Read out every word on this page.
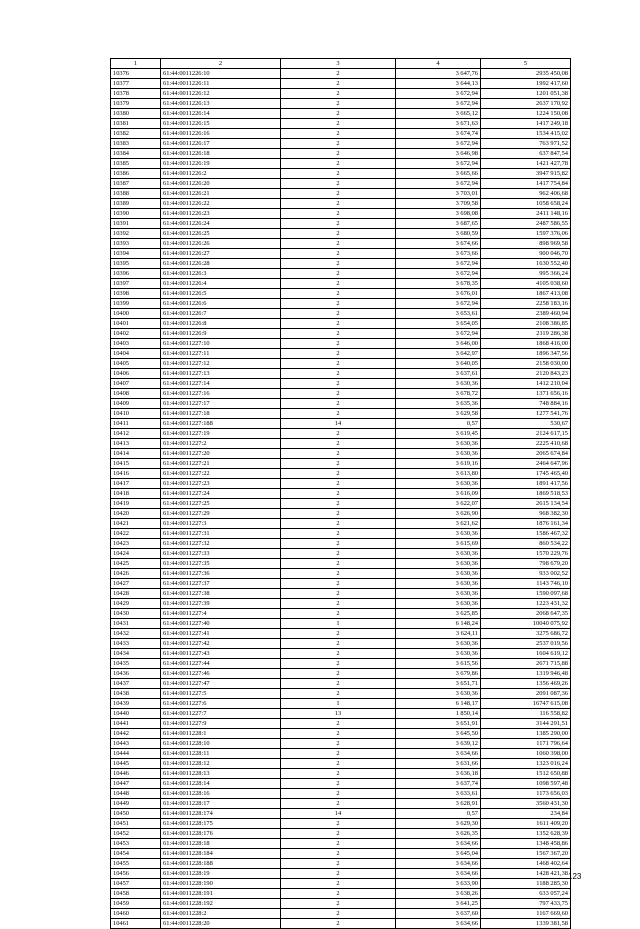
1	2	3	4	5
10376	61:44:0011226:10	2	3 647,76	2935 450,08
10377	61:44:0011226:11	2	3 644,13	1992 417,60
10378	61:44:0011226:12	2	3 672,94	1201 051,38
10379	61:44:0011226:13	2	3 672,94	2637 170,92
10380	61:44:0011226:14	2	3 665,12	1224 150,08
10381	61:44:0011226:15	2	3 671,63	1417 249,18
10382	61:44:0011226:16	2	3 674,74	1534 415,02
10383	61:44:0011226:17	2	3 672,94	763 971,52
10384	61:44:0011226:18	2	3 646,98	637 847,54
10385	61:44:0011226:19	2	3 672,94	1421 427,78
10386	61:44:0011226:2	2	3 665,66	3947 915,82
10387	61:44:0011226:20	2	3 672,94	1417 754,84
10388	61:44:0011226:21	2	3 703,01	962 406,68
10389	61:44:0011226:22	2	3 709,58	1058 658,24
10390	61:44:0011226:23	2	3 698,08	2411 148,16
10391	61:44:0011226:24	2	3 687,65	2487 586,55
10392	61:44:0011226:25	2	3 680,59	1597 376,06
10393	61:44:0011226:26	2	3 674,66	898 969,58
10394	61:44:0011226:27	2	3 673,66	900 046,70
10395	61:44:0011226:28	2	3 672,94	1630 552,40
10396	61:44:0011226:3	2	3 672,94	995 366,24
10397	61:44:0011226:4	2	3 678,35	4105 038,60
10398	61:44:0011226:5	2	3 676,01	1867 413,08
10399	61:44:0011226:6	2	3 672,94	2258 183,16
10400	61:44:0011226:7	2	3 653,61	2389 460,94
10401	61:44:0011226:8	2	3 654,05	2108 386,85
10402	61:44:0011226:9	2	3 672,94	2119 286,38
10403	61:44:0011227:10	2	3 646,00	1868 416,00
10404	61:44:0011227:11	2	3 642,97	1896 347,56
10405	61:44:0011227:12	2	3 640,05	2158 030,00
10406	61:44:0011227:13	2	3 637,61	2120 843,23
10407	61:44:0011227:14	2	3 630,36	1412 210,04
10408	61:44:0011227:16	2	3 678,72	1371 656,16
10409	61:44:0011227:17	2	3 635,36	748 884,16
10410	61:44:0011227:18	2	3 629,58	1277 541,76
10411	61:44:0011227:188	14	0,57	530,67
10412	61:44:0011227:19	2	3 619,45	2124 617,15
10413	61:44:0011227:2	2	3 630,36	2225 410,68
10414	61:44:0011227:20	2	3 630,36	2065 674,84
10415	61:44:0011227:21	2	3 619,16	2464 647,96
10416	61:44:0011227:22	2	3 613,80	1745 465,40
10417	61:44:0011227:23	2	3 630,36	1891 417,56
10418	61:44:0011227:24	2	3 616,09	1869 518,53
10419	61:44:0011227:25	2	3 622,07	2615 134,54
10420	61:44:0011227:29	2	3 626,90	968 382,30
10421	61:44:0011227:3	2	3 621,62	1876 161,34
10422	61:44:0011227:31	2	3 630,36	1586 467,32
10423	61:44:0011227:32	2	3 615,69	860 534,22
10424	61:44:0011227:33	2	3 630,36	1570 229,76
10425	61:44:0011227:35	2	3 630,36	798 679,20
10426	61:44:0011227:36	2	3 630,36	933 002,52
10427	61:44:0011227:37	2	3 630,36	1143 746,10
10428	61:44:0011227:38	2	3 630,36	1590 097,68
10429	61:44:0011227:39	2	3 630,36	1223 431,32
10430	61:44:0011227:4	2	3 625,85	2068 647,35
10431	61:44:0011227:40	1	6 148,24	10040 075,92
10432	61:44:0011227:41	2	3 624,11	3275 686,72
10433	61:44:0011227:42	2	3 630,36	2537 019,56
10434	61:44:0011227:43	2	3 630,36	1604 619,12
10435	61:44:0011227:44	2	3 615,56	2671 715,88
10436	61:44:0011227:46	2	3 679,86	1319 946,48
10437	61:44:0011227:47	2	3 651,71	1356 469,26
10438	61:44:0011227:5	2	3 630,36	2091 087,36
10439	61:44:0011227:6	1	6 148,17	16747 615,08
10440	61:44:0011227:7	13	1 850,14	116 558,82
10441	61:44:0011227:9	2	3 651,91	3144 291,51
10442	61:44:0011228:1	2	3 645,50	1385 290,00
10443	61:44:0011228:10	2	3 639,12	1171 796,64
10444	61:44:0011228:11	2	3 634,66	1060 398,00
10445	61:44:0011228:12	2	3 631,66	1323 016,24
10446	61:44:0011228:13	2	3 636,18	1512 650,88
10447	61:44:0011228:14	2	3 637,74	1098 597,48
10448	61:44:0011228:16	2	3 633,61	1173 656,03
10449	61:44:0011228:17	2	3 628,91	3560 431,30
10450	61:44:0011228:174	14	0,57	234,84
10451	61:44:0011228:175	2	3 629,30	1611 409,20
10452	61:44:0011228:176	2	3 626,35	1352 628,39
10453	61:44:0011228:18	2	3 634,66	1348 458,86
10454	61:44:0011228:184	2	3 645,04	1567 367,20
10455	61:44:0011228:188	2	3 634,66	1468 402,64
10456	61:44:0011228:19	2	3 634,66	1428 421,38
10457	61:44:0011228:190	2	3 633,90	1188 285,30
10458	61:44:0011228:191	2	3 638,26	633 057,24
10459	61:44:0011228:192	2	3 641,25	797 433,75
10460	61:44:0011228:2	2	3 637,60	1167 669,60
10461	61:44:0011228:20	2	3 634,66	1339 381,58
123
